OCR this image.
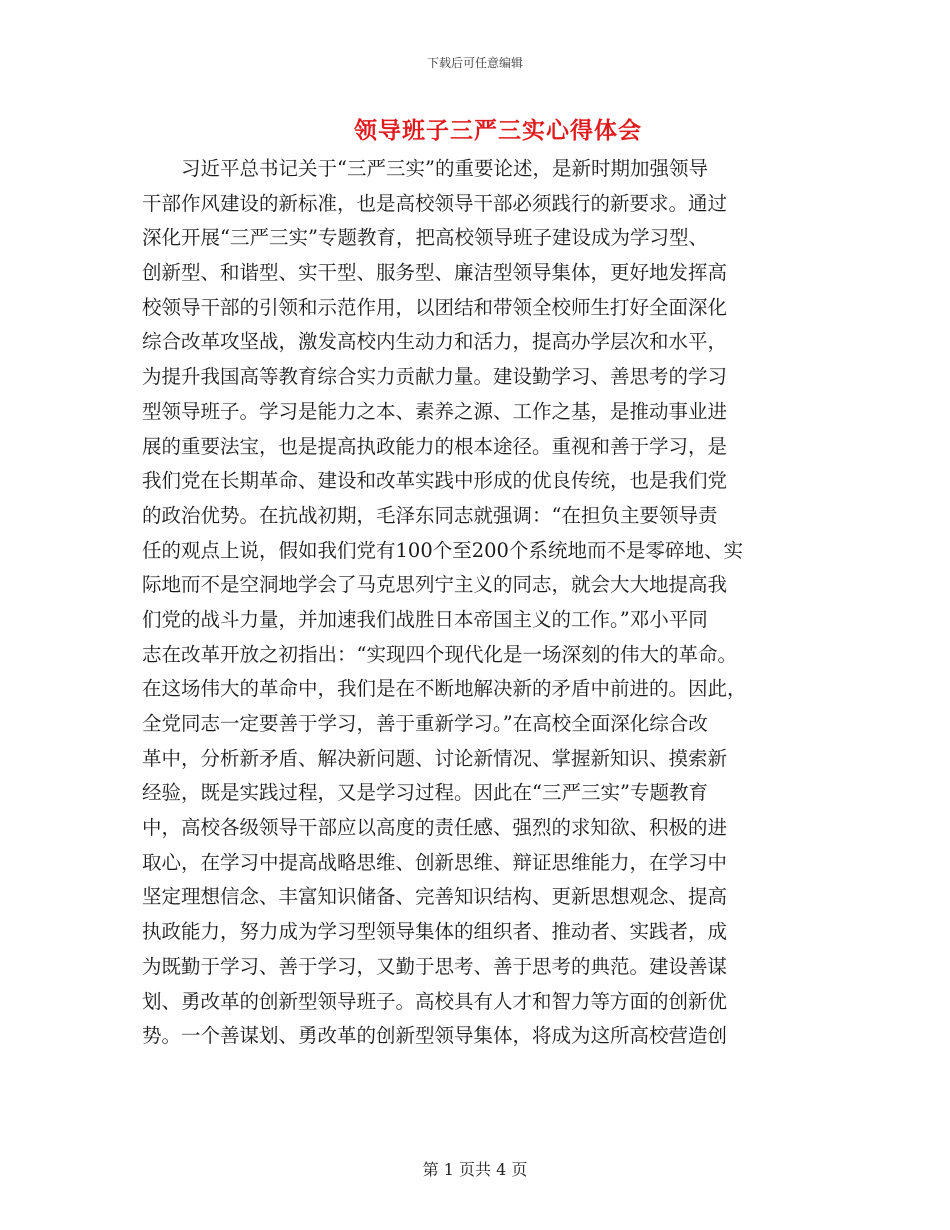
下载后可任意编辑
领导班子三严三实心得体会
　　习近平总书记关于“三严三实”的重要论述，是新时期加强领导
干部作风建设的新标准，也是高校领导干部必须践行的新要求。通过
深化开展“三严三实”专题教育，把高校领导班子建设成为学习型、
创新型、和谐型、实干型、服务型、廉洁型领导集体，更好地发挥高
校领导干部的引领和示范作用，以团结和带领全校师生打好全面深化
综合改革攻坚战，激发高校内生动力和活力，提高办学层次和水平，
为提升我国高等教育综合实力贡献力量。建设勤学习、善思考的学习
型领导班子。学习是能力之本、素养之源、工作之基，是推动事业进
展的重要法宝，也是提高执政能力的根本途径。重视和善于学习，是
我们党在长期革命、建设和改革实践中形成的优良传统，也是我们党
的政治优势。在抗战初期，毛泽东同志就强调：“在担负主要领导责
任的观点上说，假如我们党有100个至200个系统地而不是零碎地、实
际地而不是空洞地学会了马克思列宁主义的同志，就会大大地提高我
们党的战斗力量，并加速我们战胜日本帝国主义的工作。”邓小平同
志在改革开放之初指出：“实现四个现代化是一场深刻的伟大的革命。
在这场伟大的革命中，我们是在不断地解决新的矛盾中前进的。因此，
全党同志一定要善于学习，善于重新学习。”在高校全面深化综合改
革中，分析新矛盾、解决新问题、讨论新情况、掌握新知识、摸索新
经验，既是实践过程，又是学习过程。因此在“三严三实”专题教育
中，高校各级领导干部应以高度的责任感、强烈的求知欲、积极的进
取心，在学习中提高战略思维、创新思维、辩证思维能力，在学习中
坚定理想信念、丰富知识储备、完善知识结构、更新思想观念、提高
执政能力，努力成为学习型领导集体的组织者、推动者、实践者，成
为既勤于学习、善于学习，又勤于思考、善于思考的典范。建设善谋
划、勇改革的创新型领导班子。高校具有人才和智力等方面的创新优
势。一个善谋划、勇改革的创新型领导集体，将成为这所高校营造创
第 1 页共 4 页
